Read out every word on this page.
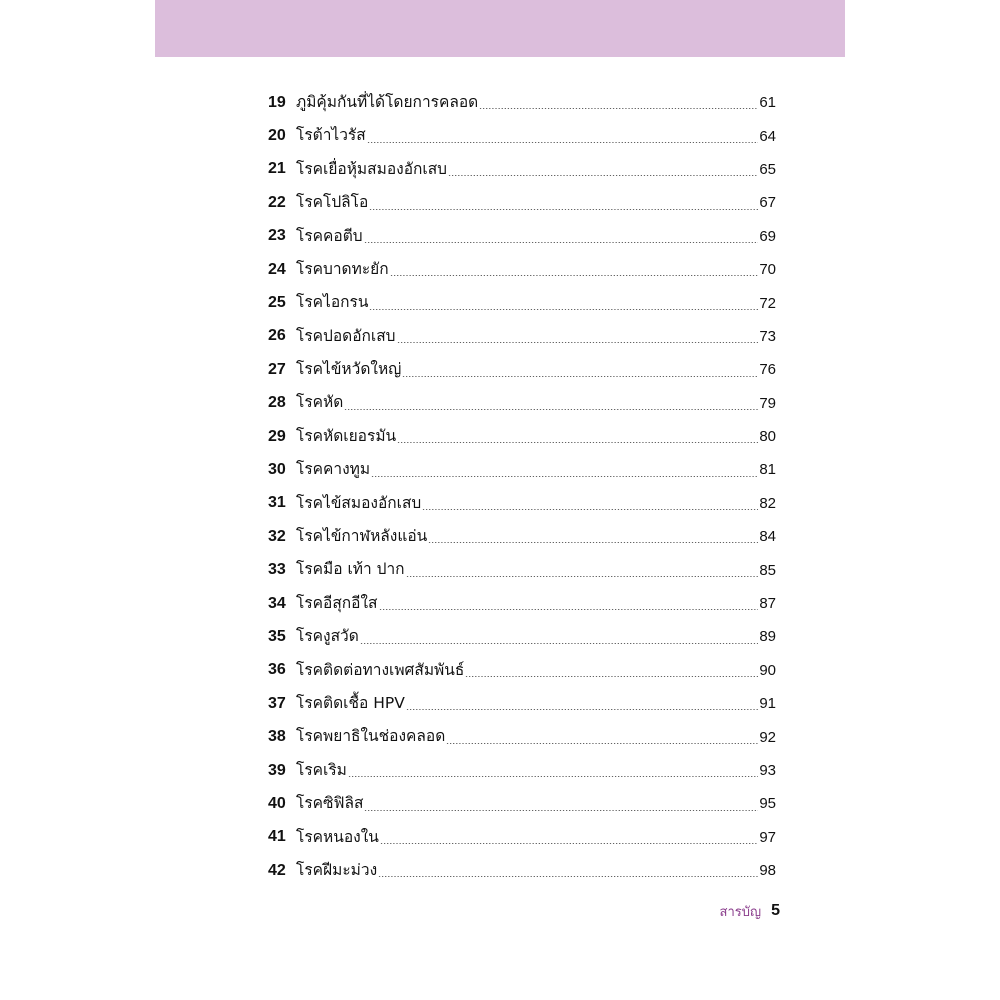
19 ภูมิคุ้มกันที่ได้โดยการคลอด	61
20 โรต้าไวรัส	64
21 โรคเยื่อหุ้มสมองอักเสบ	65
22 โรคโปลิโอ	67
23 โรคคอตีบ	69
24 โรคบาดทะยัก	70
25 โรคไอกรน	72
26 โรคปอดอักเสบ	73
27 โรคไข้หวัดใหญ่	76
28 โรคหัด	79
29 โรคหัดเยอรมัน	80
30 โรคคางทูม	81
31 โรคไข้สมองอักเสบ	82
32 โรคไข้กาฬหลังแอ่น	84
33 โรคมือ เท้า ปาก	85
34 โรคอีสุกอีใส	87
35 โรคงูสวัด	89
36 โรคติดต่อทางเพศสัมพันธ์	90
37 โรคติดเชื้อ HPV	91
38 โรคพยาธิในช่องคลอด	92
39 โรคเริม	93
40 โรคซิฟิลิส	95
41 โรคหนองใน	97
42 โรคฝีมะม่วง	98
สารบัญ 5
